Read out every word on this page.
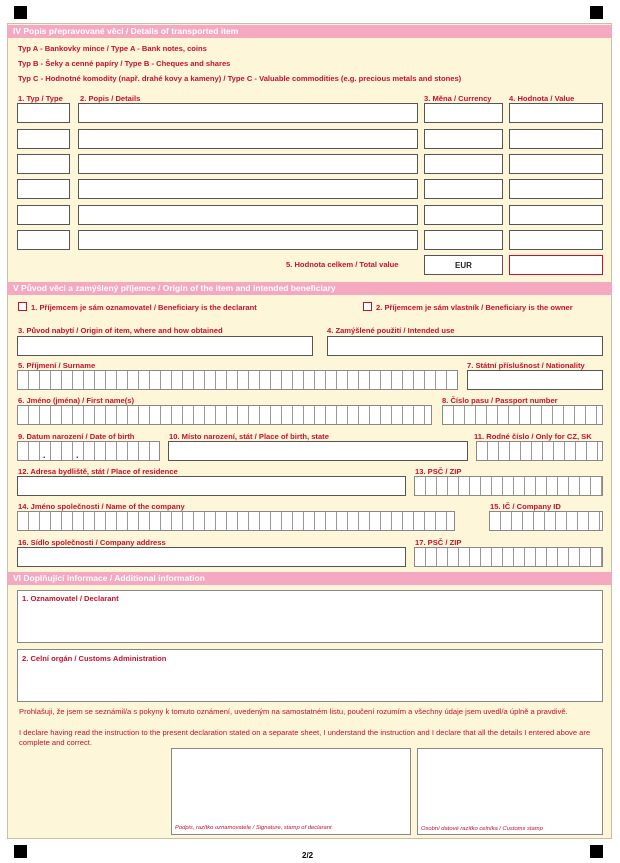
IV Popis přepravované věci / Details of transported item
Typ A - Bankovky mince / Type A - Bank notes, coins
Typ B - Šeky a cenné papíry / Type B - Cheques and shares
Typ C - Hodnotné komodity (např. drahé kovy a kameny) / Type C - Valuable commodities (e.g. precious metals and stones)
1. Typ / Type 2. Popis / Details	3. Měna / Currency 4. Hodnota / Value
5. Hodnota celkem / Total value	EUR
V Původ věci a zamýšlený příjemce / Origin of the item and intended beneficiary
1. Příjemcem je sám oznamovatel / Beneficiary is the declarant	2. Příjemcem je sám vlastník / Beneficiary is the owner
3. Původ nabytí / Origin of item, where and how obtained	4. Zamýšlené použití / Intended use
5. Příjmení / Surname	7. Státní příslušnost / Nationality
6. Jméno (jména) / First name(s)	8. Číslo pasu / Passport number
9. Datum narození / Date of birth	10. Místo narození, stát / Place of birth, state	11. Rodné číslo / Only for CZ, SK
.	.
12. Adresa bydliště, stát / Place of residence	13. PSČ / ZIP
14. Jméno společnosti / Name of the company	15. IČ / Company ID
16. Sídlo společnosti / Company address	17. PSČ / ZIP
VI Doplňující informace / Additional information
1. Oznamovatel / Declarant
2. Celní orgán / Customs Administration
Prohlašuji, že jsem se seznámil/a s pokyny k tomuto oznámení, uvedeným na samostatném listu, poučení rozumím a všechny údaje jsem uvedl/a úplně a pravdivě.
I declare having read the instruction to the present declaration stated on a separate sheet, I understand the instruction and I declare that all the details I entered above are complete and correct.
Podpis, razítko oznamovatele / Signature, stamp of declarant	Osobní datové razítko celníka / Customs stamp
2/2
